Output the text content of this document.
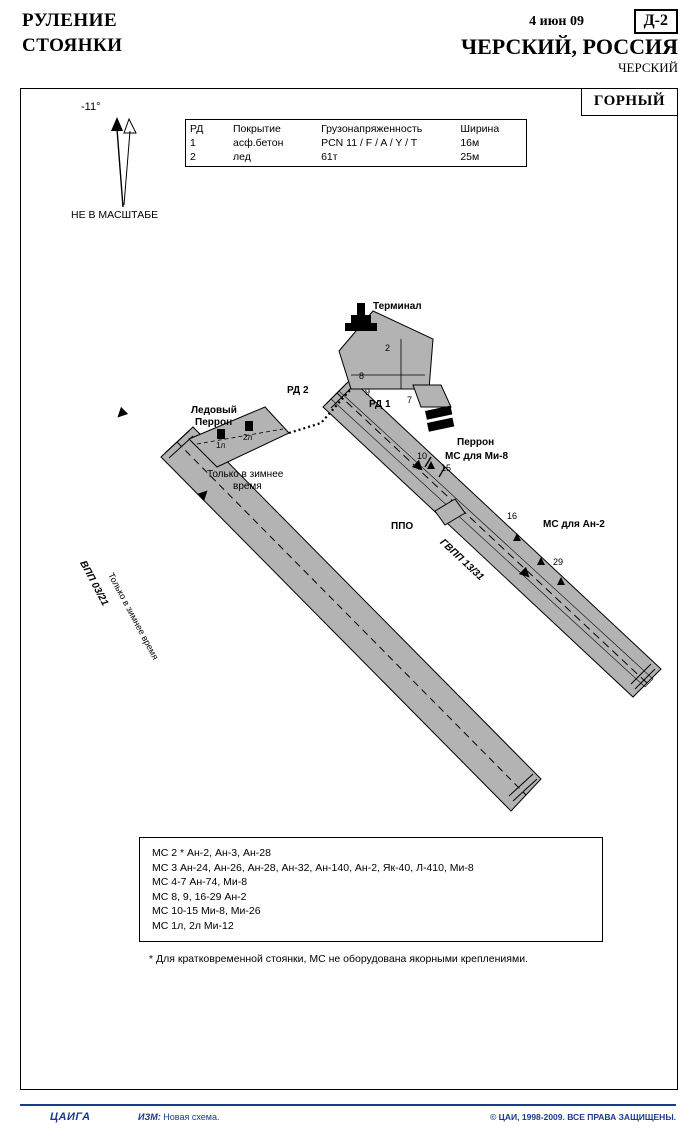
РУЛЕНИЕ
СТОЯНКИ
4 июн 09	Д-2
ЧЕРСКИЙ, РОССИЯ
ЧЕРСКИЙ
ГОРНЫЙ
-11°
НЕ В МАСШТАБЕ
РД	Покрытие	Грузонапряженность	Ширина
1	асф.бетон	PCN 11 / F / A / Y / T	16м
2	лед	61т	25м
Терминал
Ледовый
Перрон
РД 2
РД 1
Только в зимнее
время
Перрон
МС для Ми-8
МС для Ан-2
ППО
ГВПП 13/31
ВПП 03/21
Только в зимнее время
1л
2л
2
8
9
7
10
15
16
29
МС 2 * Ан-2, Ан-3, Ан-28
МС 3 Ан-24, Ан-26, Ан-28, Ан-32, Ан-140, Ан-2, Як-40, Л-410, Ми-8
МС 4-7 Ан-74, Ми-8
МС 8, 9, 16-29 Ан-2
МС 10-15 Ми-8, Ми-26
МС 1л, 2л Ми-12
* Для кратковременной стоянки, МС не оборудована якорными креплениями.
ЦАИГА	ИЗМ: Новая схема.	© ЦАИ, 1998-2009. ВСЕ ПРАВА ЗАЩИЩЕНЫ.
